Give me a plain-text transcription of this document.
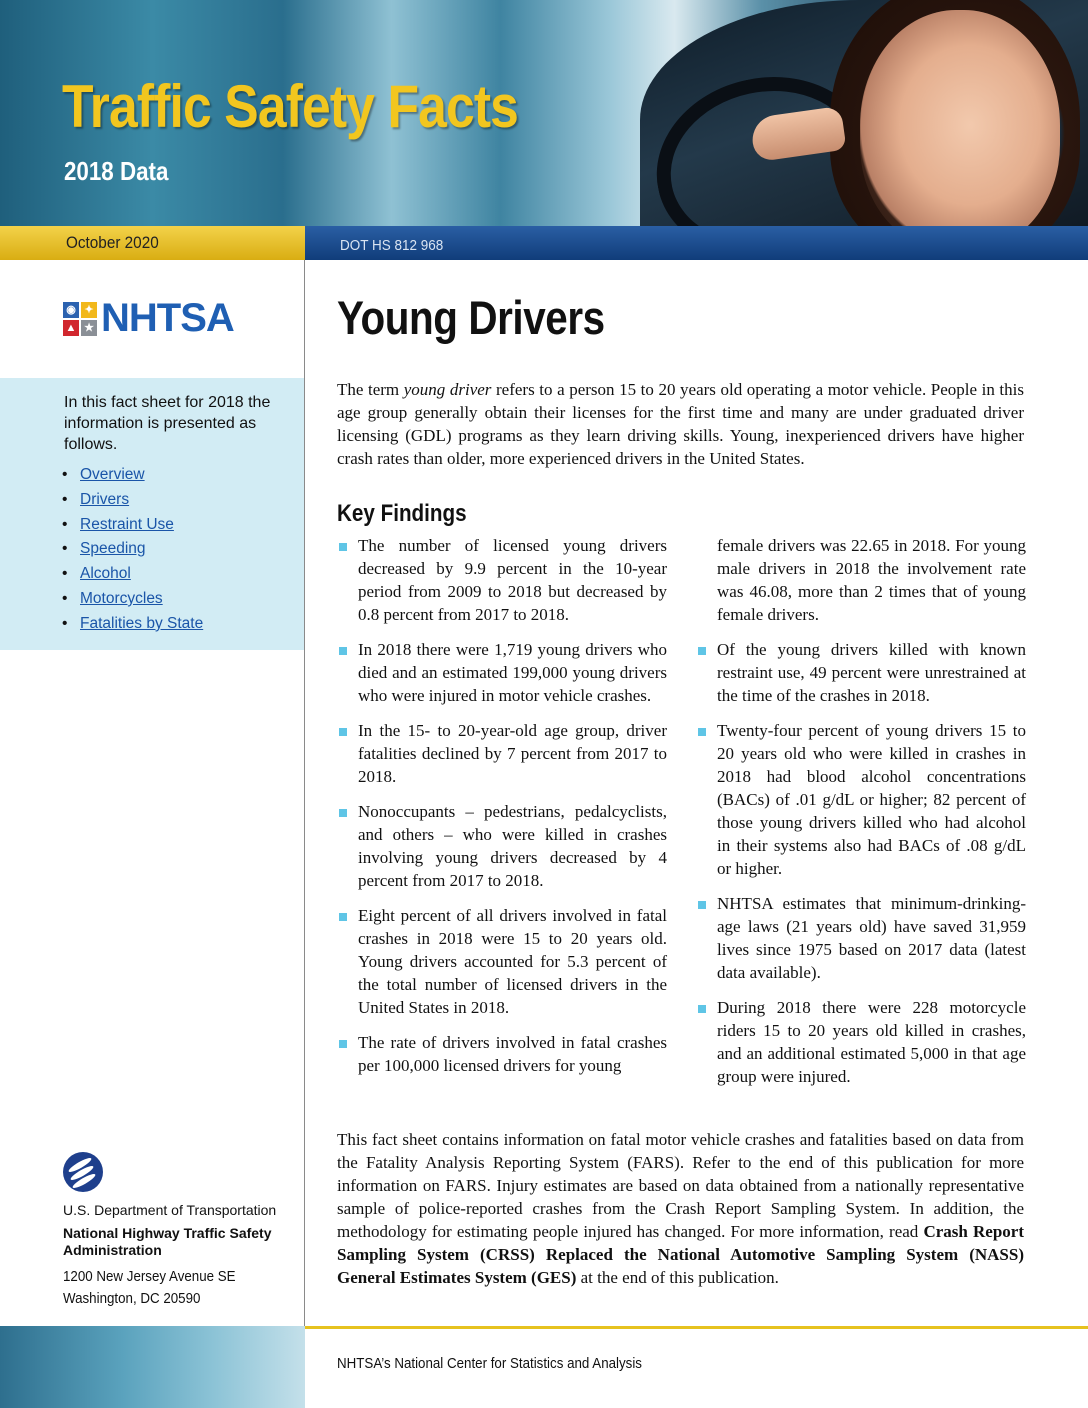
Traffic Safety Facts
2018 Data
October 2020	DOT HS 812 968
◉ ✦
▲ ★ NHTSA
In this fact sheet for 2018 the information is presented as follows.
• Overview
• Drivers
• Restraint Use
• Speeding
• Alcohol
• Motorcycles
• Fatalities by State
U.S. Department of Transportation
National Highway Traffic Safety Administration
1200 New Jersey Avenue SE
Washington, DC 20590
Young Drivers
The term young driver refers to a person 15 to 20 years old operating a motor vehicle. People in this age group generally obtain their licenses for the first time and many are under graduated driver licensing (GDL) programs as they learn driving skills. Young, inexperienced drivers have higher crash rates than older, more experienced drivers in the United States.
Key Findings
The number of licensed young drivers decreased by 9.9 percent in the 10-year period from 2009 to 2018 but decreased by 0.8 percent from 2017 to 2018.
In 2018 there were 1,719 young drivers who died and an estimated 199,000 young drivers who were injured in motor vehicle crashes.
In the 15- to 20-year-old age group, driver fatalities declined by 7 percent from 2017 to 2018.
Nonoccupants – pedestrians, pedalcyclists, and others – who were killed in crashes involving young drivers decreased by 4 percent from 2017 to 2018.
Eight percent of all drivers involved in fatal crashes in 2018 were 15 to 20 years old. Young drivers accounted for 5.3 percent of the total number of licensed drivers in the United States in 2018.
The rate of drivers involved in fatal crashes per 100,000 licensed drivers for young
female drivers was 22.65 in 2018. For young male drivers in 2018 the involvement rate was 46.08, more than 2 times that of young female drivers.
Of the young drivers killed with known restraint use, 49 percent were unrestrained at the time of the crashes in 2018.
Twenty-four percent of young drivers 15 to 20 years old who were killed in crashes in 2018 had blood alcohol concentrations (BACs) of .01 g/dL or higher; 82 percent of those young drivers killed who had alcohol in their systems also had BACs of .08 g/dL or higher.
NHTSA estimates that minimum-drinking-age laws (21 years old) have saved 31,959 lives since 1975 based on 2017 data (latest data available).
During 2018 there were 228 motorcycle riders 15 to 20 years old killed in crashes, and an additional estimated 5,000 in that age group were injured.
This fact sheet contains information on fatal motor vehicle crashes and fatalities based on data from the Fatality Analysis Reporting System (FARS). Refer to the end of this publication for more information on FARS. Injury estimates are based on data obtained from a nationally representative sample of police-reported crashes from the Crash Report Sampling System. In addition, the methodology for estimating people injured has changed. For more information, read Crash Report Sampling System (CRSS) Replaced the National Automotive Sampling System (NASS) General Estimates System (GES) at the end of this publication.
NHTSA’s National Center for Statistics and Analysis
